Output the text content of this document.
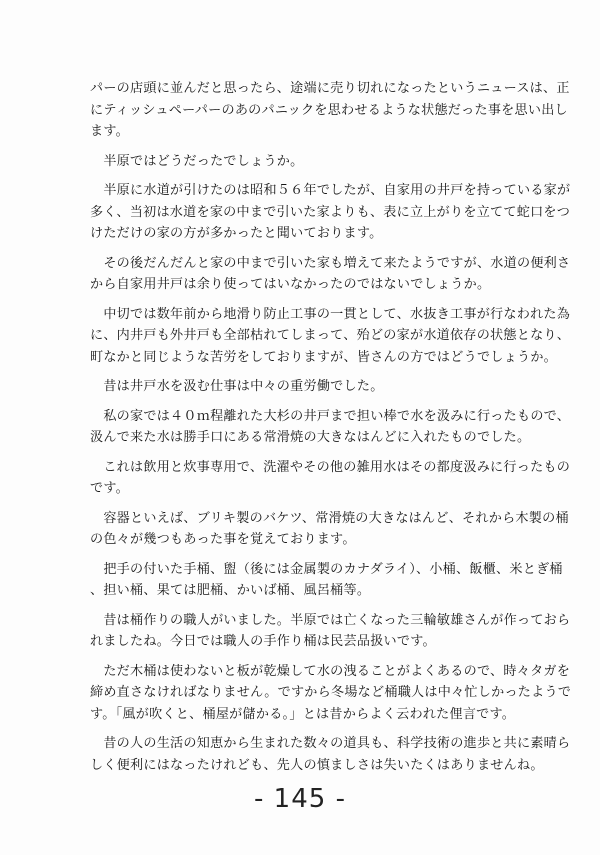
パーの店頭に並んだと思ったら、途端に売り切れになったというニュースは、正
にティッシュペーパーのあのパニックを思わせるような状態だった事を思い出し
ます。
　半原ではどうだったでしょうか。
　半原に水道が引けたのは昭和５６年でしたが、自家用の井戸を持っている家が
多く、当初は水道を家の中まで引いた家よりも、表に立上がりを立てて蛇口をつ
けただけの家の方が多かったと聞いております。
　その後だんだんと家の中まで引いた家も増えて来たようですが、水道の便利さ
から自家用井戸は余り使ってはいなかったのではないでしょうか。
　中切では数年前から地滑り防止工事の一貫として、水抜き工事が行なわれた為
に、内井戸も外井戸も全部枯れてしまって、殆どの家が水道依存の状態となり、
町なかと同じような苦労をしておりますが、皆さんの方ではどうでしょうか。
　昔は井戸水を汲む仕事は中々の重労働でした。
　私の家では４０ｍ程離れた大杉の井戸まで担い棒で水を汲みに行ったもので、
汲んで来た水は勝手口にある常滑焼の大きなはんどに入れたものでした。
　これは飲用と炊事専用で、洗濯やその他の雑用水はその都度汲みに行ったもの
です。
　容器といえば、ブリキ製のバケツ、常滑焼の大きなはんど、それから木製の桶
の色々が幾つもあった事を覚えております。
　把手の付いた手桶、盥（後には金属製のカナダライ）、小桶、飯櫃、米とぎ桶
、担い桶、果ては肥桶、かいば桶、風呂桶等。
　昔は桶作りの職人がいました。半原では亡くなった三輪敏雄さんが作っておら
れましたね。今日では職人の手作り桶は民芸品扱いです。
　ただ木桶は使わないと板が乾燥して水の洩ることがよくあるので、時々タガを
締め直さなければなりません。ですから冬場など桶職人は中々忙しかったようで
す。「風が吹くと、桶屋が儲かる。」とは昔からよく云われた俚言です。
　昔の人の生活の知恵から生まれた数々の道具も、科学技術の進歩と共に素晴ら
しく便利にはなったけれども、先人の慎ましさは失いたくはありませんね。
- 145 -
